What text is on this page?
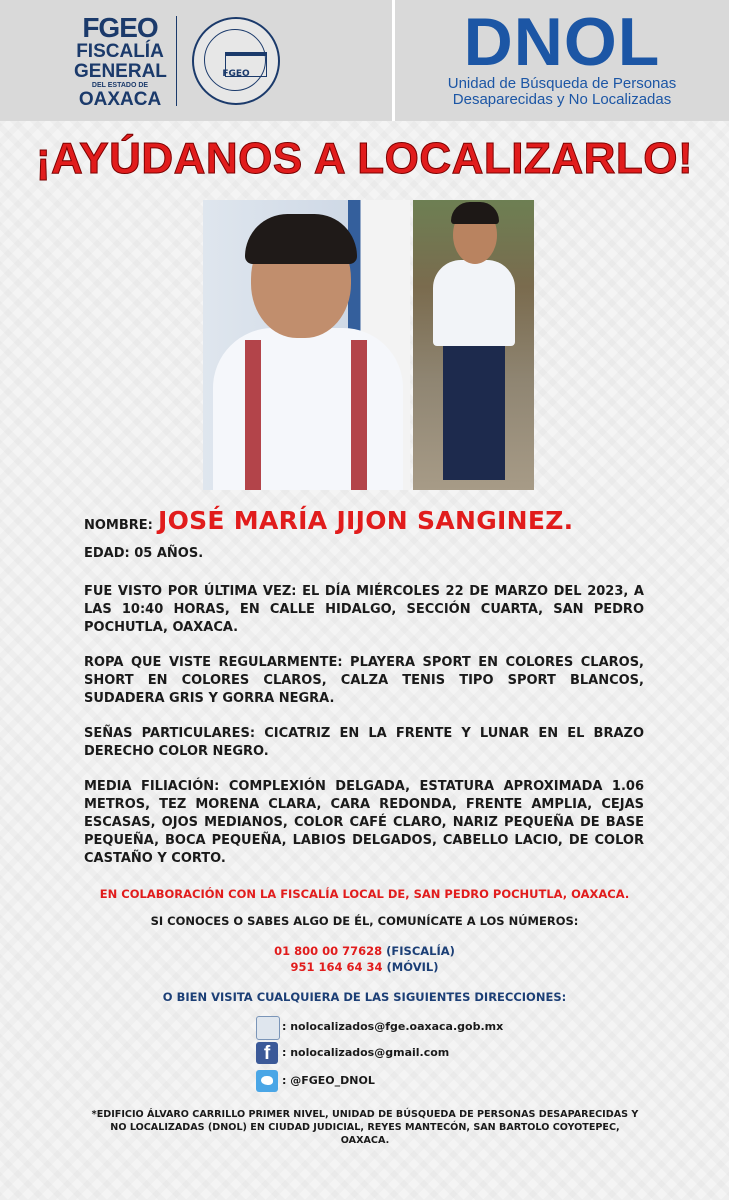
FGEO
FISCALÍA
GENERAL
DEL ESTADO DE
OAXACA
FGEO	DNOL
Unidad de Búsqueda de Personas
Desaparecidas y No Localizadas
¡AYÚDANOS A LOCALIZARLO!
NOMBRE: JOSÉ MARÍA JIJON SANGINEZ.
EDAD: 05 AÑOS.
FUE VISTO POR ÚLTIMA VEZ: EL DÍA MIÉRCOLES 22 DE MARZO DEL 2023, A LAS 10:40 HORAS, EN CALLE HIDALGO, SECCIÓN CUARTA, SAN PEDRO POCHUTLA, OAXACA.
ROPA QUE VISTE REGULARMENTE: PLAYERA SPORT EN COLORES CLAROS, SHORT EN COLORES CLAROS, CALZA TENIS TIPO SPORT BLANCOS, SUDADERA GRIS Y GORRA NEGRA.
SEÑAS PARTICULARES: CICATRIZ EN LA FRENTE Y LUNAR EN EL BRAZO DERECHO COLOR NEGRO.
MEDIA FILIACIÓN: COMPLEXIÓN DELGADA, ESTATURA APROXIMADA 1.06 METROS, TEZ MORENA CLARA, CARA REDONDA, FRENTE AMPLIA, CEJAS ESCASAS, OJOS MEDIANOS, COLOR CAFÉ CLARO, NARIZ PEQUEÑA DE BASE PEQUEÑA, BOCA PEQUEÑA, LABIOS DELGADOS, CABELLO LACIO, DE COLOR CASTAÑO Y CORTO.
EN COLABORACIÓN CON LA FISCALÍA LOCAL DE, SAN PEDRO POCHUTLA, OAXACA.
SI CONOCES O SABES ALGO DE ÉL, COMUNÍCATE A LOS NÚMEROS:
01 800 00 77628 (FISCALÍA)
951 164 64 34 (MÓVIL)
O BIEN VISITA CUALQUIERA DE LAS SIGUIENTES DIRECCIONES:
: nolocalizados@fge.oaxaca.gob.mx
f	: nolocalizados@gmail.com
: @FGEO_DNOL
*EDIFICIO ÁLVARO CARRILLO PRIMER NIVEL, UNIDAD DE BÚSQUEDA DE PERSONAS DESAPARECIDAS Y NO LOCALIZADAS (DNOL) EN CIUDAD JUDICIAL, REYES MANTECÓN, SAN BARTOLO COYOTEPEC, OAXACA.
